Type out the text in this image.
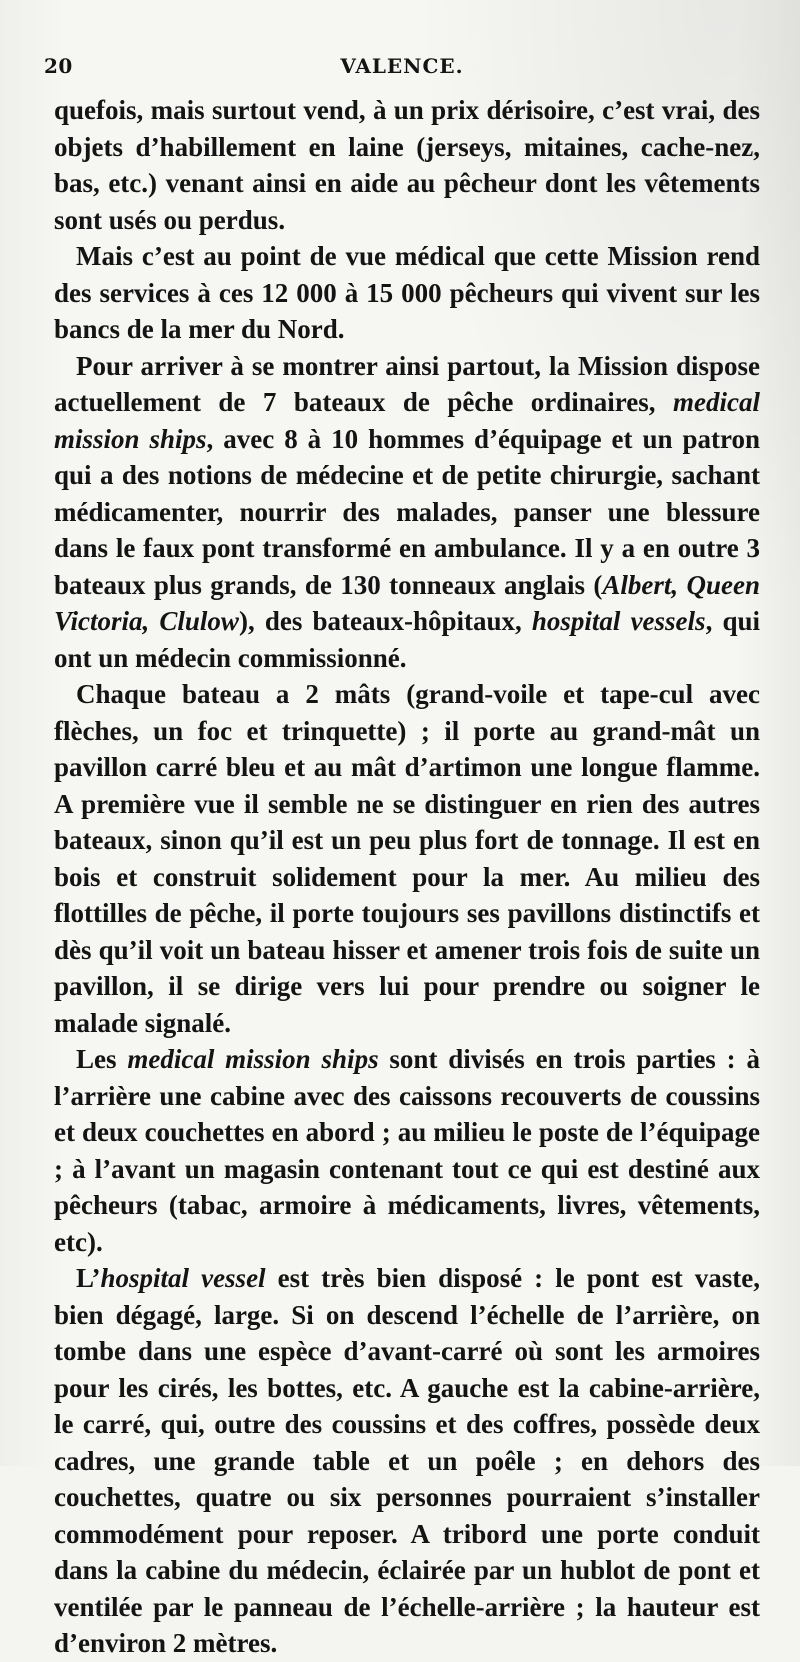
20	VALENCE.

quefois, mais surtout vend, à un prix dérisoire, c’est vrai, des objets d’habillement en laine (jerseys, mitaines, cache-nez, bas, etc.) venant ainsi en aide au pêcheur dont les vêtements sont usés ou perdus.

Mais c’est au point de vue médical que cette Mission rend des services à ces 12 000 à 15 000 pêcheurs qui vivent sur les bancs de la mer du Nord.

Pour arriver à se montrer ainsi partout, la Mission dispose actuellement de 7 bateaux de pêche ordinaires, medical mission ships, avec 8 à 10 hommes d’équipage et un patron qui a des notions de médecine et de petite chirurgie, sachant médicamenter, nourrir des malades, panser une blessure dans le faux pont transformé en ambulance. Il y a en outre 3 bateaux plus grands, de 130 tonneaux anglais (Albert, Queen Victoria, Clulow), des bateaux-hôpitaux, hospital vessels, qui ont un médecin commissionné.

Chaque bateau a 2 mâts (grand-voile et tape-cul avec flèches, un foc et trinquette) ; il porte au grand-mât un pavillon carré bleu et au mât d’artimon une longue flamme. A première vue il semble ne se distinguer en rien des autres bateaux, sinon qu’il est un peu plus fort de tonnage. Il est en bois et construit solidement pour la mer. Au milieu des flottilles de pêche, il porte toujours ses pavillons distinctifs et dès qu’il voit un bateau hisser et amener trois fois de suite un pavillon, il se dirige vers lui pour prendre ou soigner le malade signalé.

Les medical mission ships sont divisés en trois parties : à l’arrière une cabine avec des caissons recouverts de coussins et deux couchettes en abord ; au milieu le poste de l’équipage ; à l’avant un magasin contenant tout ce qui est destiné aux pêcheurs (tabac, armoire à médicaments, livres, vêtements, etc).

L’hospital vessel est très bien disposé : le pont est vaste, bien dégagé, large. Si on descend l’échelle de l’arrière, on tombe dans une espèce d’avant-carré où sont les armoires pour les cirés, les bottes, etc. A gauche est la cabine-arrière, le carré, qui, outre des coussins et des coffres, possède deux cadres, une grande table et un poêle ; en dehors des couchettes, quatre ou six personnes pourraient s’installer commodément pour reposer. A tribord une porte conduit dans la cabine du médecin, éclairée par un hublot de pont et ventilée par le panneau de l’échelle-arrière ; la hauteur est d’environ 2 mètres.
